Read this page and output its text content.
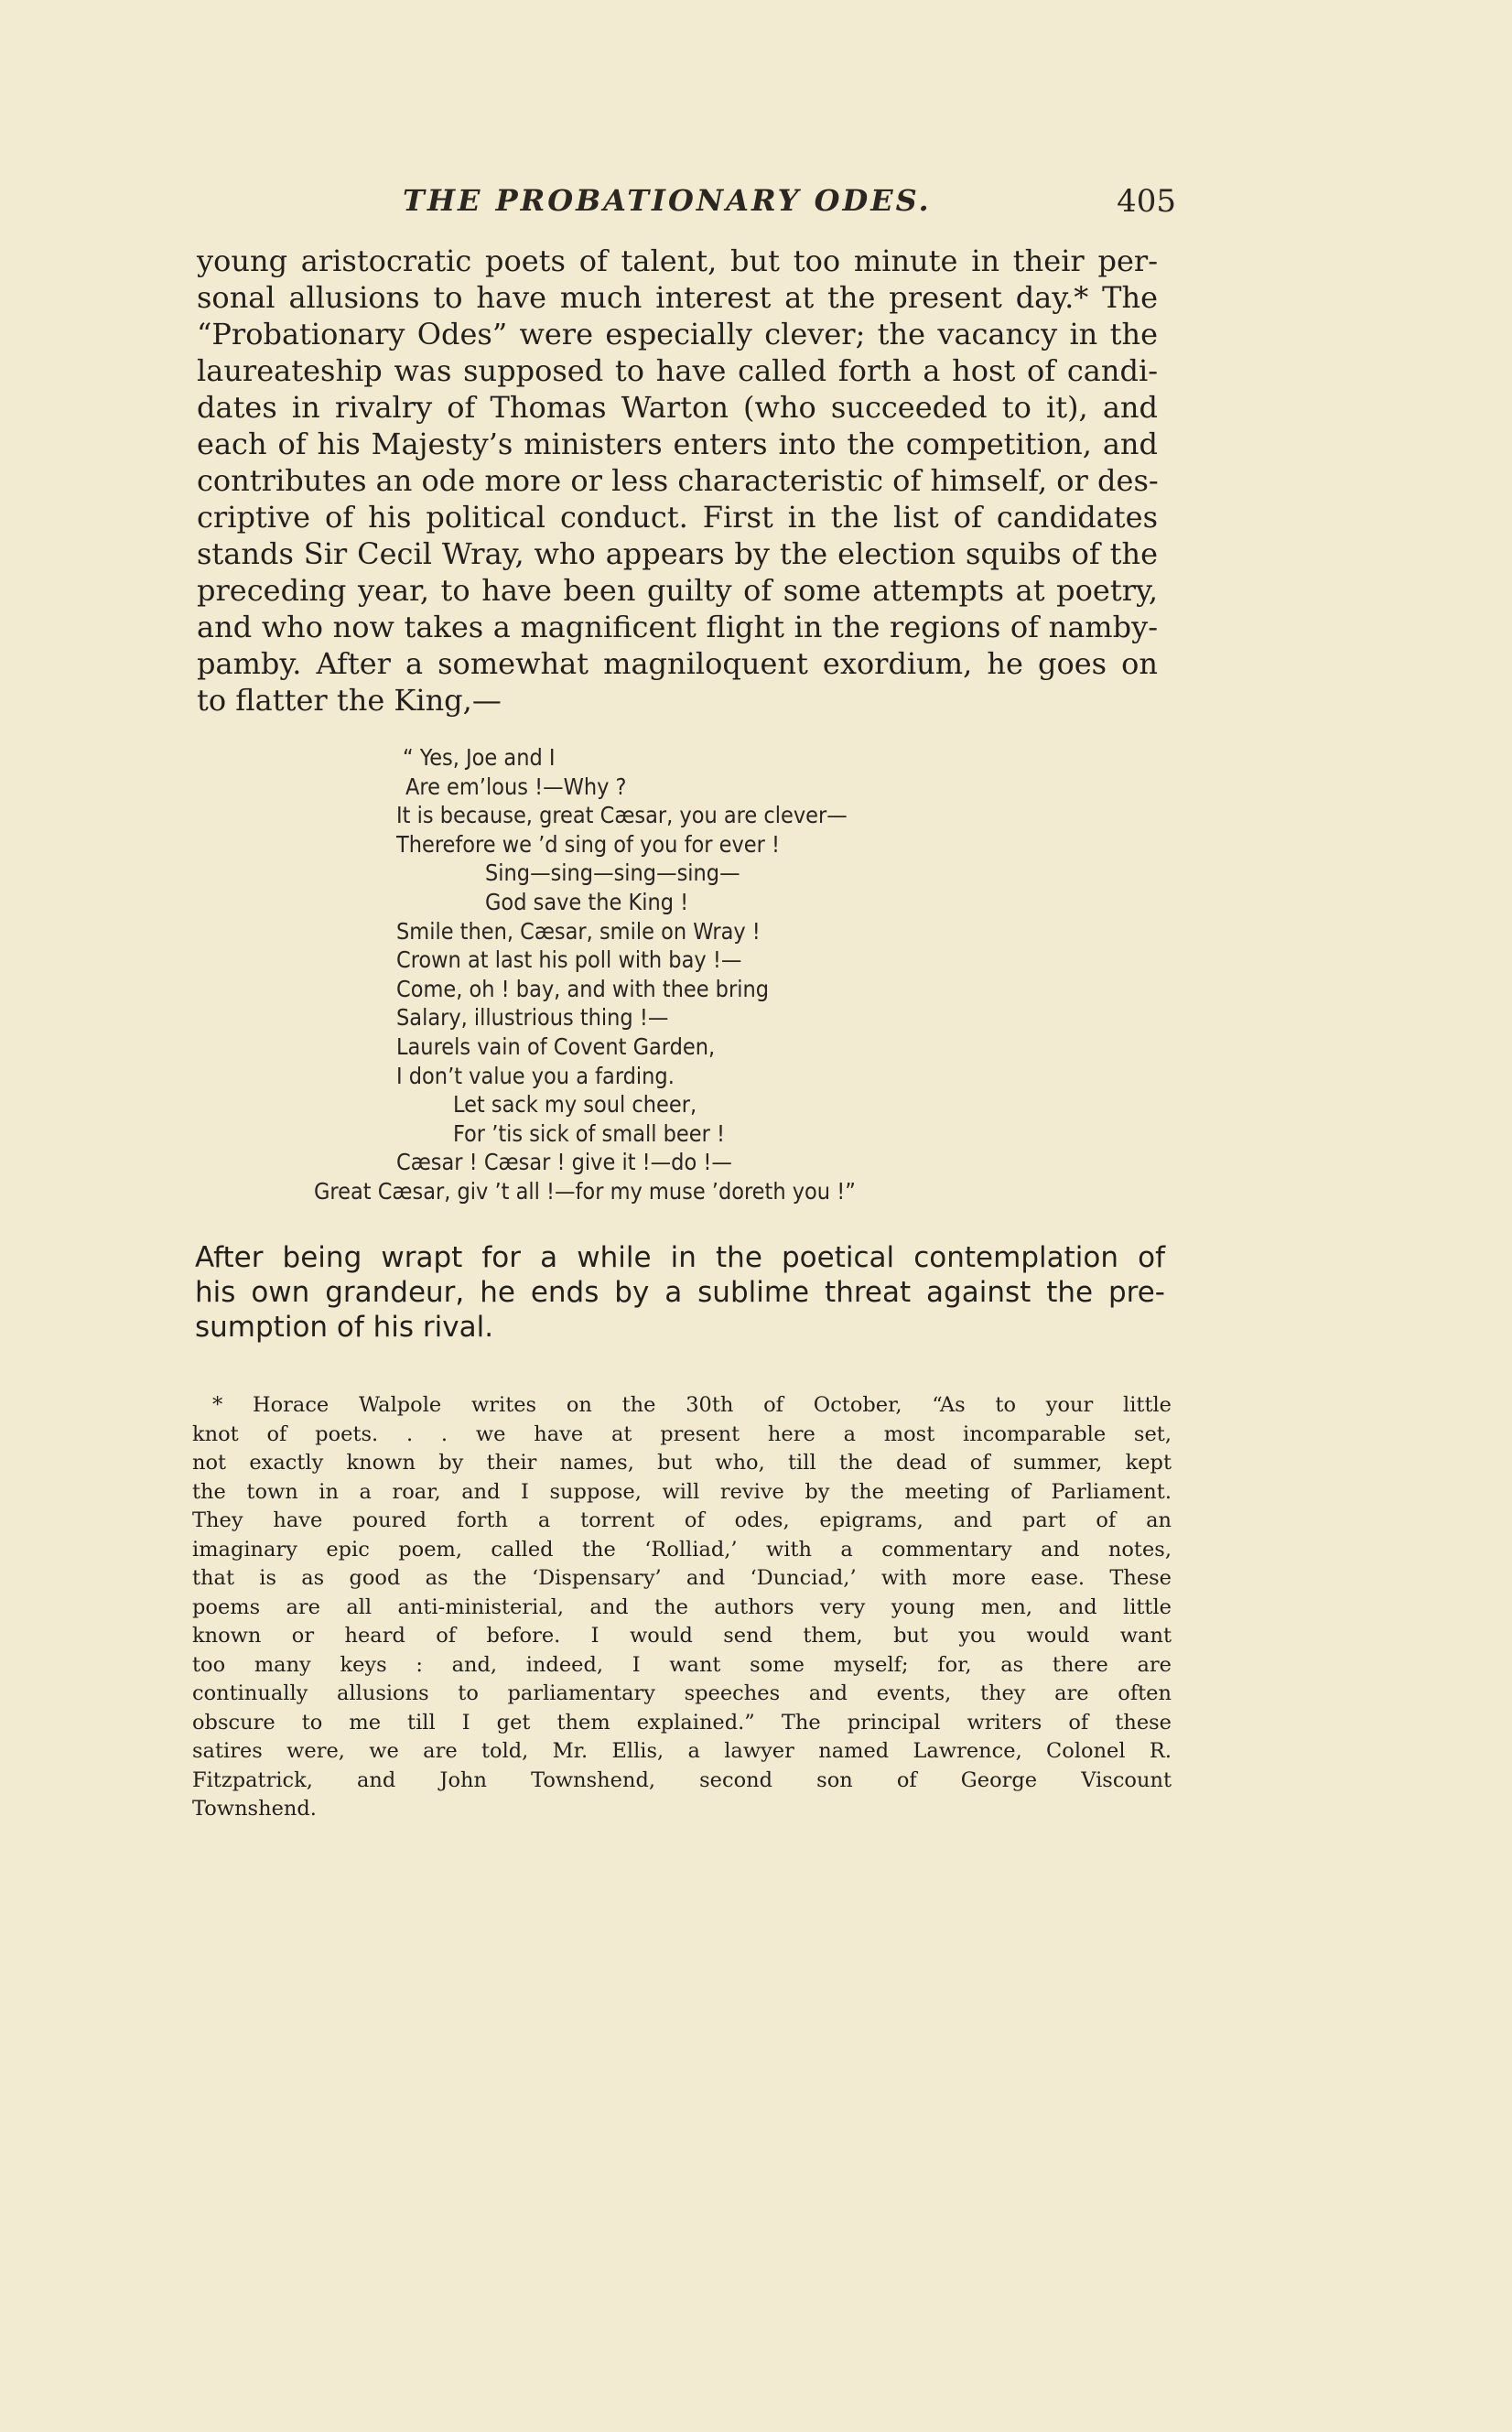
THE PROBATIONARY ODES.	405
young aristocratic poets of talent, but too minute in their per-
sonal allusions to have much interest at the present day.* The
“Probationary Odes” were especially clever; the vacancy in the
laureateship was supposed to have called forth a host of candi-
dates in rivalry of Thomas Warton (who succeeded to it), and
each of his Majesty’s ministers enters into the competition, and
contributes an ode more or less characteristic of himself, or des-
criptive of his political conduct. First in the list of candidates
stands Sir Cecil Wray, who appears by the election squibs of the
preceding year, to have been guilty of some attempts at poetry,
and who now takes a magnificent flight in the regions of namby-
pamby. After a somewhat magniloquent exordium, he goes on
to flatter the King,—
“ Yes, Joe and I
Are em’lous !—Why ?
It is because, great Cæsar, you are clever—
Therefore we ’d sing of you for ever !
Sing—sing—sing—sing—
God save the King !
Smile then, Cæsar, smile on Wray !
Crown at last his poll with bay !—
Come, oh ! bay, and with thee bring
Salary, illustrious thing !—
Laurels vain of Covent Garden,
I don’t value you a farding.
Let sack my soul cheer,
For ’tis sick of small beer !
Cæsar ! Cæsar ! give it !—do !—
Great Cæsar, giv ’t all !—for my muse ’doreth you !”
After being wrapt for a while in the poetical contemplation of
his own grandeur, he ends by a sublime threat against the pre-
sumption of his rival.
* Horace Walpole writes on the 30th of October, “As to your little
knot of poets. . . we have at present here a most incomparable set,
not exactly known by their names, but who, till the dead of summer, kept
the town in a roar, and I suppose, will revive by the meeting of Parliament.
They have poured forth a torrent of odes, epigrams, and part of an
imaginary epic poem, called the ‘Rolliad,’ with a commentary and notes,
that is as good as the ‘Dispensary’ and ‘Dunciad,’ with more ease. These
poems are all anti-ministerial, and the authors very young men, and little
known or heard of before. I would send them, but you would want
too many keys : and, indeed, I want some myself; for, as there are
continually allusions to parliamentary speeches and events, they are often
obscure to me till I get them explained.” The principal writers of these
satires were, we are told, Mr. Ellis, a lawyer named Lawrence, Colonel R.
Fitzpatrick, and John Townshend, second son of George Viscount
Townshend.
